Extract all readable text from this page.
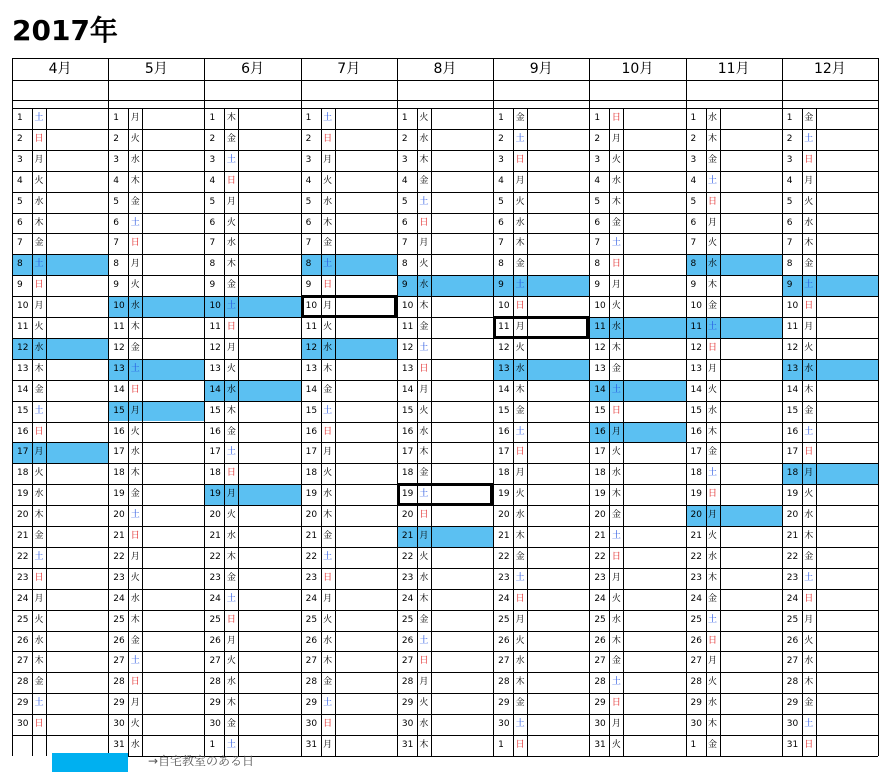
2017年
4月
1	土
2	日
3	月
4	火
5	水
6	木
7	金
8	土
9	日
10 月
11 火
12 水
13 木
14 金
15 土
16 日
17 月
18 火
19 水
20 木
21 金
22 土
23 日
24 月
25 火
26 水
27 木
28 金
29 土
30 日
5月
1	月
2	火
3	水
4	木
5	金
6	土
7	日
8	月
9	火
10 水
11 木
12 金
13 土
14 日
15 月
16 火
17 水
18 木
19 金
20 土
21 日
22 月
23 火
24 水
25 木
26 金
27 土
28 日
29 月
30 火
31 水
6月
1	木
2	金
3	土
4	日
5	月
6	火
7	水
8	木
9	金
10 土
11 日
12 月
13 火
14 水
15 木
16 金
17 土
18 日
19 月
20 火
21 水
22 木
23 金
24 土
25 日
26 月
27 火
28 水
29 木
30 金
1	土
7月
1	土
2	日
3	月
4	火
5	水
6	木
7	金
8	土
9	日
10 月
11 火
12 水
13 木
14 金
15 土
16 日
17 月
18 火
19 水
20 木
21 金
22 土
23 日
24 月
25 火
26 水
27 木
28 金
29 土
30 日
31 月
8月
1	火
2	水
3	木
4	金
5	土
6	日
7	月
8	火
9	水
10 木
11 金
12 土
13 日
14 月
15 火
16 水
17 木
18 金
19 土
20 日
21 月
22 火
23 水
24 木
25 金
26 土
27 日
28 月
29 火
30 水
31 木
9月
1	金
2	土
3	日
4	月
5	火
6	水
7	木
8	金
9	土
10 日
11 月
12 火
13 水
14 木
15 金
16 土
17 日
18 月
19 火
20 水
21 木
22 金
23 土
24 日
25 月
26 火
27 水
28 木
29 金
30 土
1	日
10月
1	日
2	月
3	火
4	水
5	木
6	金
7	土
8	日
9	月
10 火
11 水
12 木
13 金
14 土
15 日
16 月
17 火
18 水
19 木
20 金
21 土
22 日
23 月
24 火
25 水
26 木
27 金
28 土
29 日
30 月
31 火
11月
1	水
2	木
3	金
4	土
5	日
6	月
7	火
8	水
9	木
10 金
11 土
12 日
13 月
14 火
15 水
16 木
17 金
18 土
19 日
20 月
21 火
22 水
23 木
24 金
25 土
26 日
27 月
28 火
29 水
30 木
1	金
12月
1	金
2	土
3	日
4	月
5	火
6	水
7	木
8	金
9	土
10 日
11 月
12 火
13 水
14 木
15 金
16 土
17 日
18 月
19 火
20 水
21 木
22 金
23 土
24 日
25 月
26 火
27 水
28 木
29 金
30 土
31 日
→自宅教室のある日
